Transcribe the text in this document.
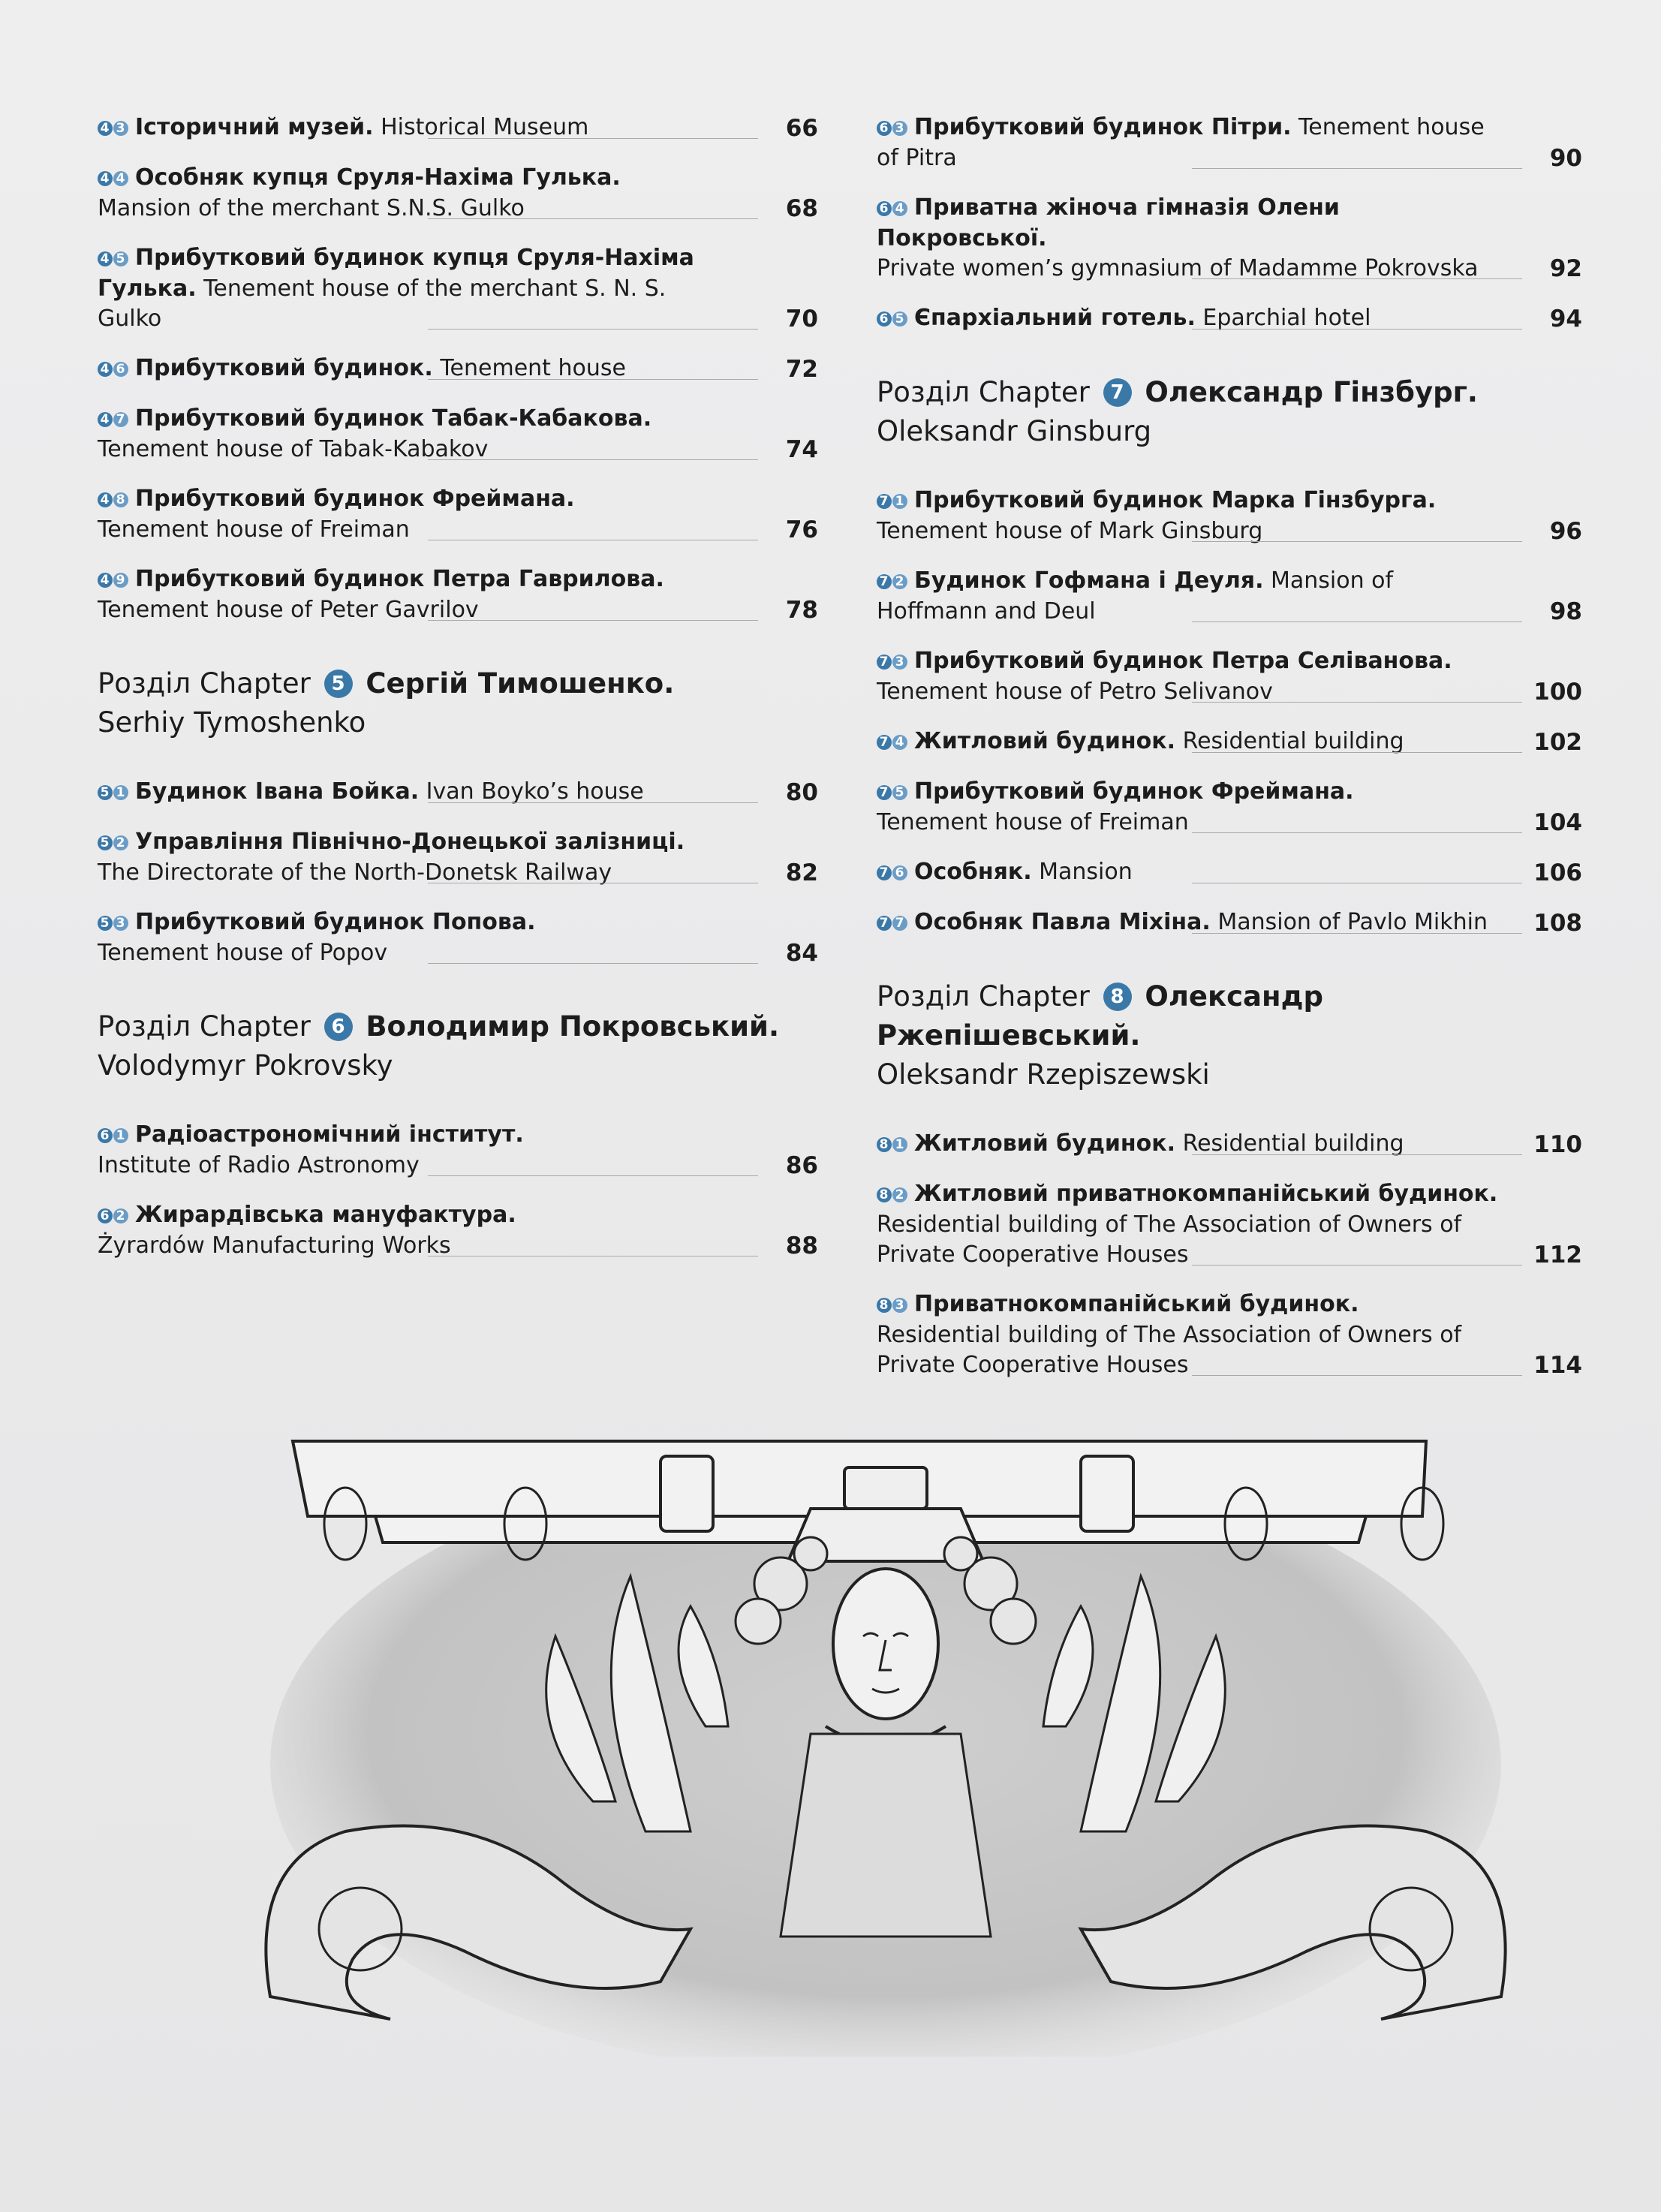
4 3 Історичний музей. Historical Museum	66
4 4 Особняк купця Сруля-Нахіма Гулька.
Mansion of the merchant S.N.S. Gulko	68
4 5 Прибутковий будинок купця Сруля-Нахіма Гулька. Tenement house of the merchant S. N. S. Gulko	70
4 6 Прибутковий будинок. Tenement house	72
4 7 Прибутковий будинок Табак-Кабакова.
Tenement house of Tabak-Kabakov	74
4 8 Прибутковий будинок Фреймана.
Tenement house of Freiman	76
4 9 Прибутковий будинок Петра Гаврилова.
Tenement house of Peter Gavrilov	78
Розділ Chapter 5 Сергій Тимошенко.
Serhiy Tymoshenko
5 1 Будинок Івана Бойка. Ivan Boyko’s house	80
5 2 Управління Північно-Донецької залізниці.
The Directorate of the North-Donetsk Railway	82
5 3 Прибутковий будинок Попова.
Tenement house of Popov	84
Розділ Chapter 6 Володимир Покровський.
Volodymyr Pokrovsky
6 1 Радіоастрономічний інститут.
Institute of Radio Astronomy	86
6 2 Жирардівська мануфактура.
Żyrardów Manufacturing Works	88
6 3 Прибутковий будинок Пітри. Tenement house of Pitra	90
6 4 Приватна жіноча гімназія Олени Покровської.
Private women’s gymnasium of Madamme Pokrovska	92
6 5 Єпархіальний готель. Eparchial hotel	94
Розділ Chapter 7 Олександр Гінзбург.
Oleksandr Ginsburg
7 1 Прибутковий будинок Марка Гінзбурга.
Tenement house of Mark Ginsburg	96
7 2 Будинок Гофмана і Деуля. Mansion of Hoffmann and Deul	98
7 3 Прибутковий будинок Петра Селіванова.
Tenement house of Petro Selivanov	100
7 4 Житловий будинок. Residential building	102
7 5 Прибутковий будинок Фреймана.
Tenement house of Freiman	104
7 6 Особняк. Mansion	106
7 7 Особняк Павла Міхіна. Mansion of Pavlo Mikhin	108
Розділ Chapter 8 Олександр Ржепішевський.
Oleksandr Rzepiszewski
8 1 Житловий будинок. Residential building	110
8 2 Житловий приватнокомпанійський будинок.
Residential building of The Association of Owners of Private Cooperative Houses	112
8 3 Приватнокомпанійський будинок.
Residential building of The Association of Owners of Private Cooperative Houses	114
